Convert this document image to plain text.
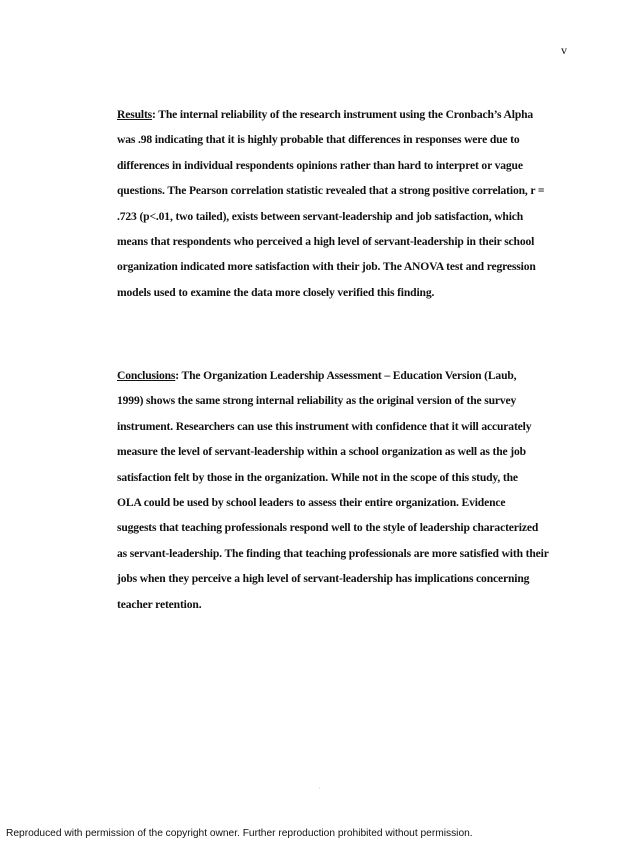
v
Results: The internal reliability of the research instrument using the Cronbach’s Alpha
was .98 indicating that it is highly probable that differences in responses were due to
differences in individual respondents opinions rather than hard to interpret or vague
questions. The Pearson correlation statistic revealed that a strong positive correlation, r =
.723 (p<.01, two tailed), exists between servant-leadership and job satisfaction, which
means that respondents who perceived a high level of servant-leadership in their school
organization indicated more satisfaction with their job. The ANOVA test and regression
models used to examine the data more closely verified this finding.
Conclusions: The Organization Leadership Assessment – Education Version (Laub,
1999) shows the same strong internal reliability as the original version of the survey
instrument. Researchers can use this instrument with confidence that it will accurately
measure the level of servant-leadership within a school organization as well as the job
satisfaction felt by those in the organization. While not in the scope of this study, the
OLA could be used by school leaders to assess their entire organization. Evidence
suggests that teaching professionals respond well to the style of leadership characterized
as servant-leadership. The finding that teaching professionals are more satisfied with their
jobs when they perceive a high level of servant-leadership has implications concerning
teacher retention.
·
Reproduced with permission of the copyright owner. Further reproduction prohibited without permission.
